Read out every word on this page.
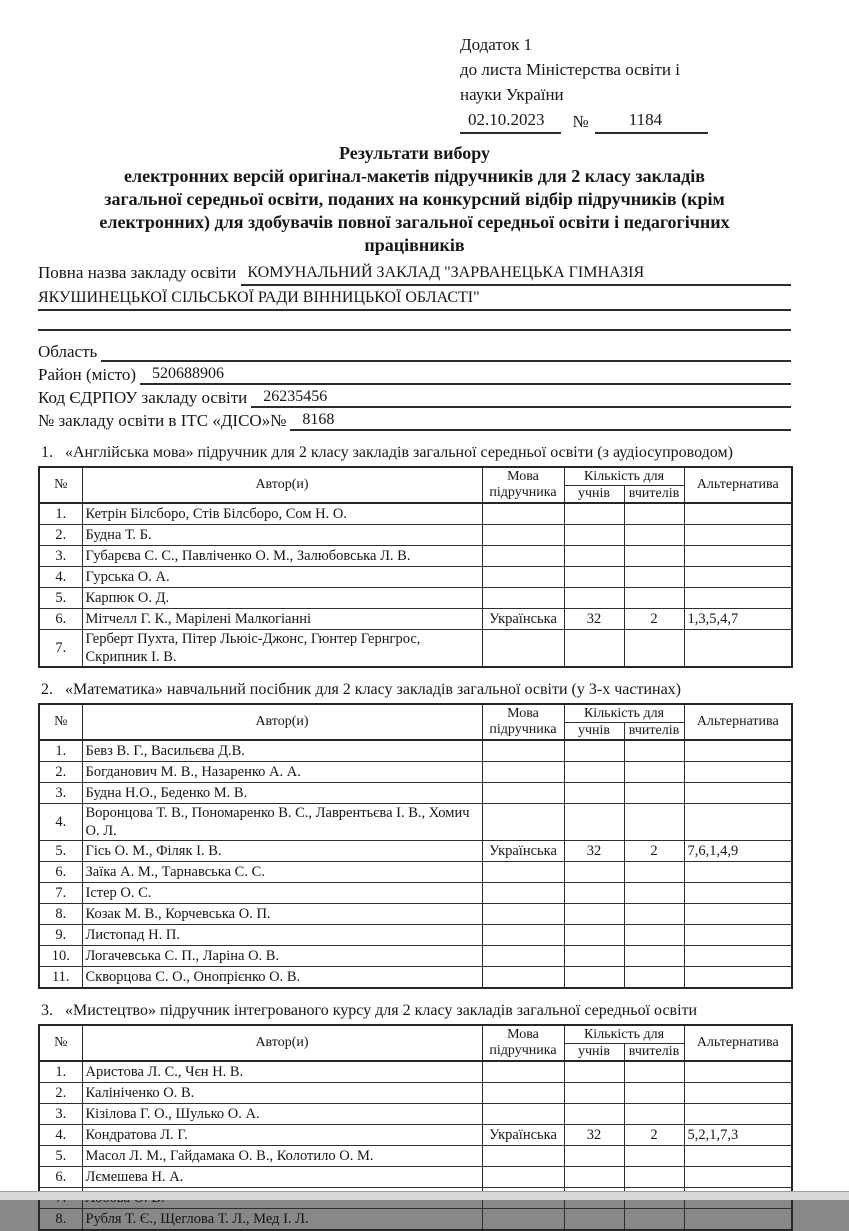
Додаток 1
до листа Міністерства освіти і
науки України
02.10.2023	№	1184
Результати вибору
електронних версій оригінал-макетів підручників для 2 класу закладів
загальної середньої освіти, поданих на конкурсний відбір підручників (крім
електронних) для здобувачів повної загальної середньої освіти і педагогічних
працівників
Повна назва закладу освіти КОМУНАЛЬНИЙ ЗАКЛАД "ЗАРВАНЕЦЬКА ГІМНАЗІЯ
ЯКУШИНЕЦЬКОЇ СІЛЬСЬКОЇ РАДИ ВІННИЦЬКОЇ ОБЛАСТІ"
Область
Район (місто)	520688906
Код ЄДРПОУ закладу освіти	26235456
№ закладу освіти в ІТС «ДІСО»№	8168
1. «Англійська мова» підручник для 2 класу закладів загальної середньої освіти (з аудіосупроводом)
№	Автор(и)	Мова підручника	Кількість для		Альтернатива
			учнів	вчителів	
1.	Кетрін Білсборо, Стів Білсборо, Сом Н. О.				
2.	Будна Т. Б.				
3.	Губарєва С. С., Павліченко О. М., Залюбовська Л. В.				
4.	Гурська О. А.				
5.	Карпюк О. Д.				
6.	Мітчелл Г. К., Марілені Малкогіанні	Українська	32	2	1,3,5,4,7
7.	Герберт Пухта, Пітер Льюіс-Джонс, Гюнтер Гернгрос, Скрипник І. В.				
2. «Математика» навчальний посібник для 2 класу закладів загальної освіти (у 3-х частинах)
№	Автор(и)	Мова підручника	Кількість для		Альтернатива
			учнів	вчителів	
1.	Бевз В. Г., Васильєва Д.В.				
2.	Богданович М. В., Назаренко А. А.				
3.	Будна Н.О., Беденко М. В.				
4.	Воронцова Т. В., Пономаренко В. С., Лаврентьєва І. В., Хомич О. Л.				
5.	Гісь О. М., Філяк І. В.	Українська	32	2	7,6,1,4,9
6.	Заїка А. М., Тарнавська С. С.				
7.	Істер О. С.				
8.	Козак М. В., Корчевська О. П.				
9.	Листопад Н. П.				
10.	Логачевська С. П., Ларіна О. В.				
11.	Скворцова С. О., Онопрієнко О. В.				
3. «Мистецтво» підручник інтегрованого курсу для 2 класу закладів загальної середньої освіти
№	Автор(и)	Мова підручника	Кількість для		Альтернатива
			учнів	вчителів	
1.	Аристова Л. С., Чєн Н. В.				
2.	Калініченко О. В.				
3.	Кізілова Г. О., Шулько О. А.				
4.	Кондратова Л. Г.	Українська	32	2	5,2,1,7,3
5.	Масол Л. М., Гайдамака О. В., Колотило О. М.				
6.	Лємешева Н. А.				

8.	Рубля Т. Є., Щеглова Т. Л., Мед І. Л.				
